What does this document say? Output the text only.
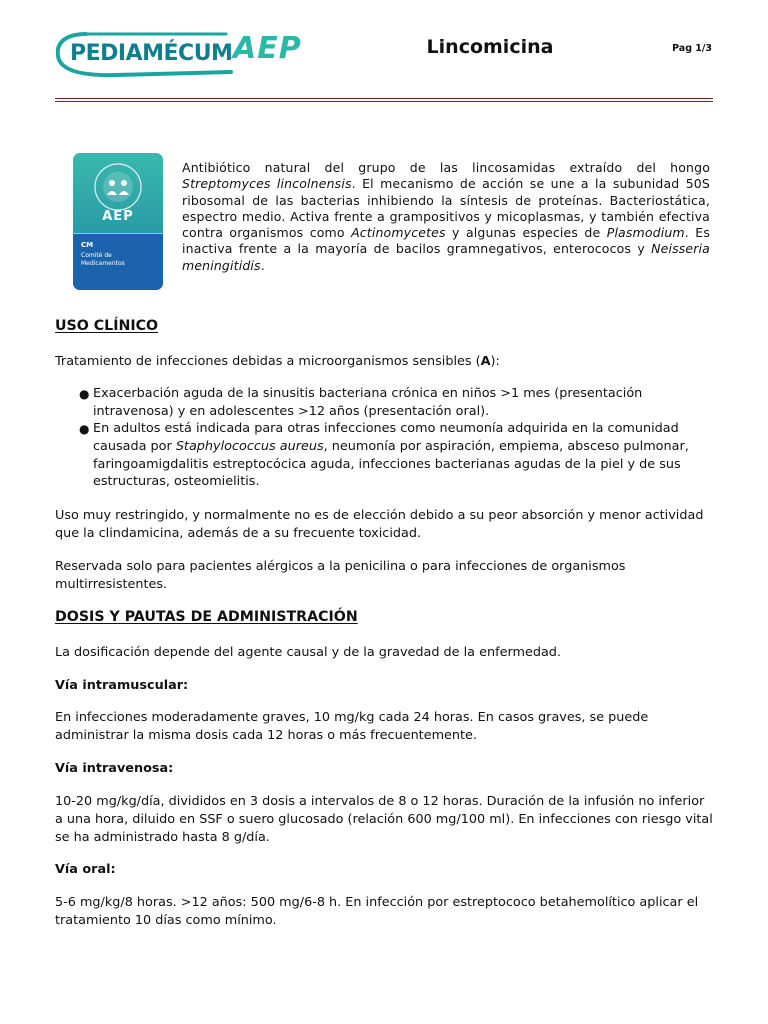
PEDIAMÉCUM AEP	Lincomicina	Pag 1/3
AEP
CM
Comité de
Medicamentos
Antibiótico natural del grupo de las lincosamidas extraído del hongo Streptomyces lincolnensis. El mecanismo de acción se une a la subunidad 50S ribosomal de las bacterias inhibiendo la síntesis de proteínas. Bacteriostática, espectro medio. Activa frente a grampositivos y micoplasmas, y también efectiva contra organismos como Actinomycetes y algunas especies de Plasmodium. Es inactiva frente a la mayoría de bacilos gramnegativos, enterococos y Neisseria meningitidis.
USO CLÍNICO
Tratamiento de infecciones debidas a microorganismos sensibles (A):
● Exacerbación aguda de la sinusitis bacteriana crónica en niños >1 mes (presentación
intravenosa) y en adolescentes >12 años (presentación oral).
● En adultos está indicada para otras infecciones como neumonía adquirida en la comunidad
causada por Staphylococcus aureus, neumonía por aspiración, empiema, absceso pulmonar,
faringoamigdalitis estreptocócica aguda, infecciones bacterianas agudas de la piel y de sus
estructuras, osteomielitis.
Uso muy restringido, y normalmente no es de elección debido a su peor absorción y menor actividad
que la clindamicina, además de a su frecuente toxicidad.
Reservada solo para pacientes alérgicos a la penicilina o para infecciones de organismos
multirresistentes.
DOSIS Y PAUTAS DE ADMINISTRACIÓN
La dosificación depende del agente causal y de la gravedad de la enfermedad.
Vía intramuscular:
En infecciones moderadamente graves, 10 mg/kg cada 24 horas. En casos graves, se puede
administrar la misma dosis cada 12 horas o más frecuentemente.
Vía intravenosa:
10-20 mg/kg/día, divididos en 3 dosis a intervalos de 8 o 12 horas. Duración de la infusión no inferior
a una hora, diluido en SSF o suero glucosado (relación 600 mg/100 ml). En infecciones con riesgo vital
se ha administrado hasta 8 g/día.
Vía oral:
5-6 mg/kg/8 horas. >12 años: 500 mg/6-8 h. En infección por estreptococo betahemolítico aplicar el
tratamiento 10 días como mínimo.
